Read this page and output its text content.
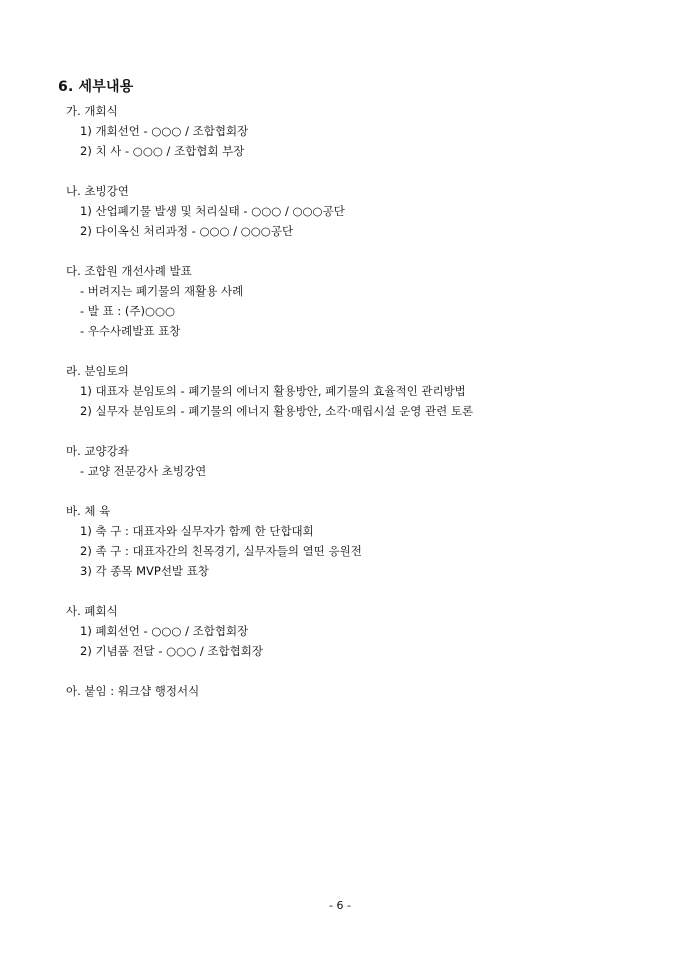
6. 세부내용
가. 개회식
1) 개회선언 - ○○○ / 조합협회장
2) 치 사 - ○○○ / 조합협회 부장
나. 초빙강연
1) 산업폐기물 발생 및 처리실태 - ○○○ / ○○○공단
2) 다이옥신 처리과정 - ○○○ / ○○○공단
다. 조합원 개선사례 발표
- 버려지는 폐기물의 재활용 사례
- 발 표 : (주)○○○
- 우수사례발표 표창
라. 분임토의
1) 대표자 분임토의 - 폐기물의 에너지 활용방안, 폐기물의 효율적인 관리방법
2) 실무자 분임토의 - 폐기물의 에너지 활용방안, 소각·매립시설 운영 관련 토론
마. 교양강좌
- 교양 전문강사 초빙강연
바. 체 육
1) 축 구 : 대표자와 실무자가 함께 한 단합대회
2) 족 구 : 대표자간의 친목경기, 실무자들의 열띤 응원전
3) 각 종목 MVP선발 표창
사. 폐회식
1) 폐회선언 - ○○○ / 조합협회장
2) 기념품 전달 - ○○○ / 조합협회장
아. 붙임 : 워크샵 행정서식
- 6 -
